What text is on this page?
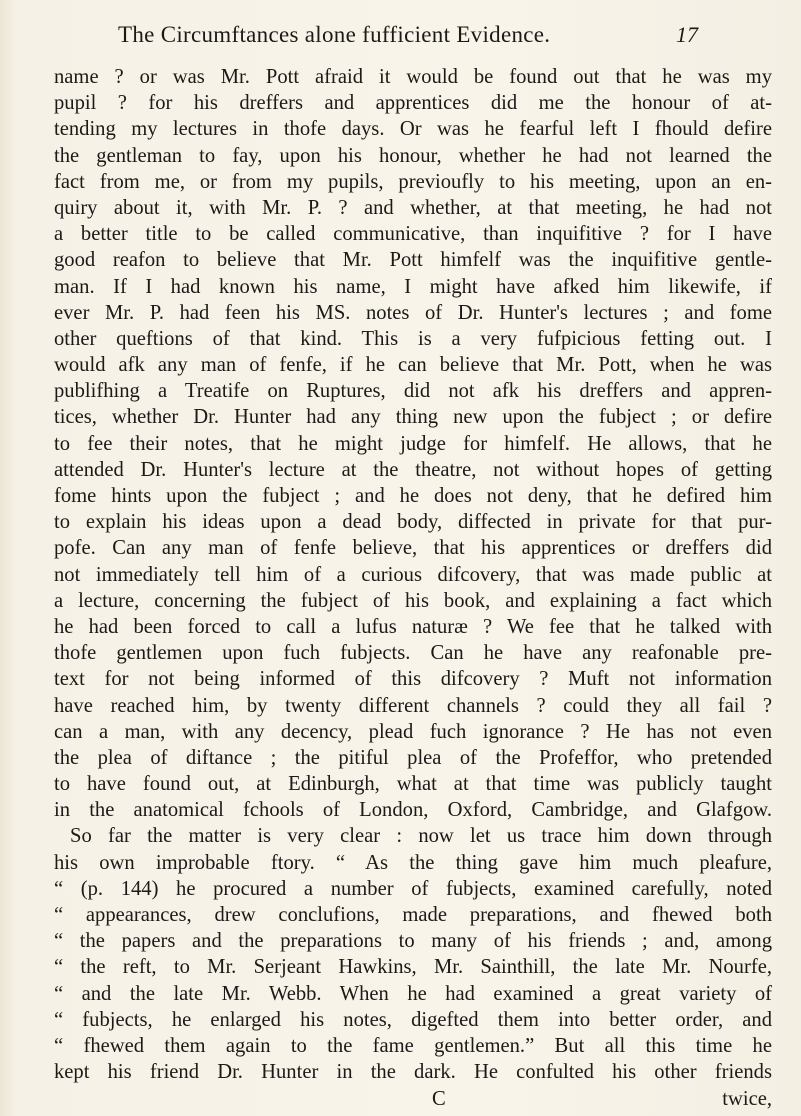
The Circumftances alone fufficient Evidence.	17
name ? or was Mr. Pott afraid it would be found out that he was my
pupil ? for his dreffers and apprentices did me the honour of at-
tending my lectures in thofe days. Or was he fearful left I fhould defire
the gentleman to fay, upon his honour, whether he had not learned the
fact from me, or from my pupils, previoufly to his meeting, upon an en-
quiry about it, with Mr. P. ? and whether, at that meeting, he had not
a better title to be called communicative, than inquifitive ? for I have
good reafon to believe that Mr. Pott himfelf was the inquifitive gentle-
man. If I had known his name, I might have afked him likewife, if
ever Mr. P. had feen his MS. notes of Dr. Hunter's lectures ; and fome
other queftions of that kind. This is a very fufpicious fetting out. I
would afk any man of fenfe, if he can believe that Mr. Pott, when he was
publifhing a Treatife on Ruptures, did not afk his dreffers and appren-
tices, whether Dr. Hunter had any thing new upon the fubject ; or defire
to fee their notes, that he might judge for himfelf. He allows, that he
attended Dr. Hunter's lecture at the theatre, not without hopes of getting
fome hints upon the fubject ; and he does not deny, that he defired him
to explain his ideas upon a dead body, diffected in private for that pur-
pofe. Can any man of fenfe believe, that his apprentices or dreffers did
not immediately tell him of a curious difcovery, that was made public at
a lecture, concerning the fubject of his book, and explaining a fact which
he had been forced to call a lufus naturæ ? We fee that he talked with
thofe gentlemen upon fuch fubjects. Can he have any reafonable pre-
text for not being informed of this difcovery ? Muft not information
have reached him, by twenty different channels ? could they all fail ?
can a man, with any decency, plead fuch ignorance ? He has not even
the plea of diftance ; the pitiful plea of the Profeffor, who pretended
to have found out, at Edinburgh, what at that time was publicly taught
in the anatomical fchools of London, Oxford, Cambridge, and Glafgow.
So far the matter is very clear : now let us trace him down through
his own improbable ftory. “ As the thing gave him much pleafure,
“ (p. 144) he procured a number of fubjects, examined carefully, noted
“ appearances, drew conclufions, made preparations, and fhewed both
“ the papers and the preparations to many of his friends ; and, among
“ the reft, to Mr. Serjeant Hawkins, Mr. Sainthill, the late Mr. Nourfe,
“ and the late Mr. Webb. When he had examined a great variety of
“ fubjects, he enlarged his notes, digefted them into better order, and
“ fhewed them again to the fame gentlemen.” But all this time he
kept his friend Dr. Hunter in the dark. He confulted his other friends
C	twice,
